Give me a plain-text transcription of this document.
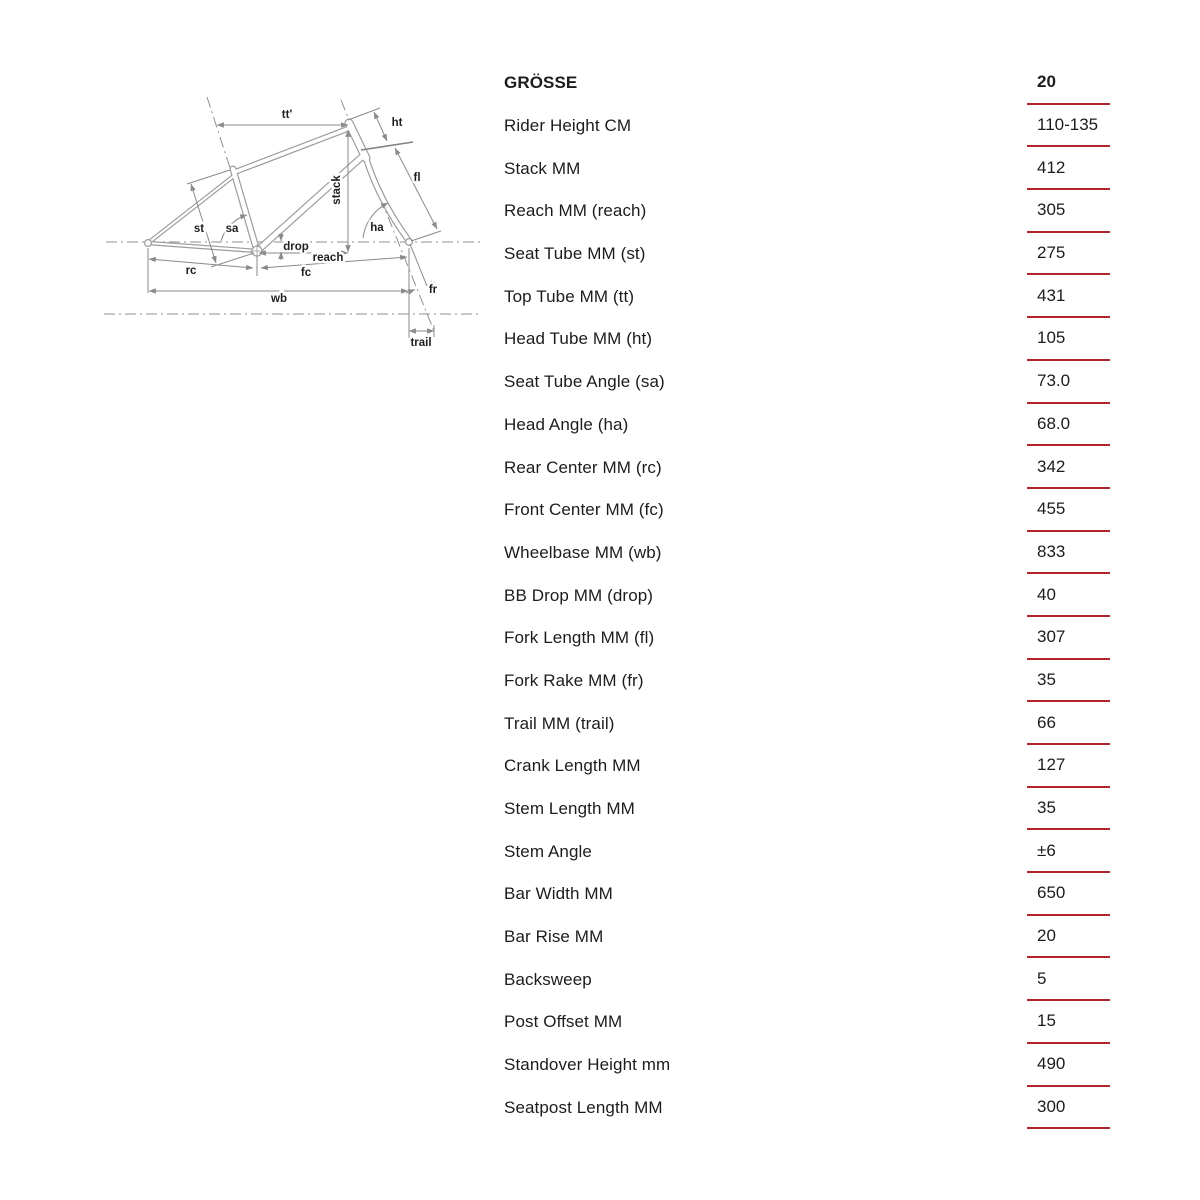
tt'
ht
fl
stack
st sa	ha
drop
reach
rc	fc
wb
fr
trail
GRÖSSE	20
Rider Height CM	110-135
Stack MM	412
Reach MM (reach)	305
Seat Tube MM (st)	275
Top Tube MM (tt)	431
Head Tube MM (ht)	105
Seat Tube Angle (sa)	73.0
Head Angle (ha)	68.0
Rear Center MM (rc)	342
Front Center MM (fc)	455
Wheelbase MM (wb)	833
BB Drop MM (drop)	40
Fork Length MM (fl)	307
Fork Rake MM (fr)	35
Trail MM (trail)	66
Crank Length MM	127
Stem Length MM	35
Stem Angle	±6
Bar Width MM	650
Bar Rise MM	20
Backsweep	5
Post Offset MM	15
Standover Height mm	490
Seatpost Length MM	300
